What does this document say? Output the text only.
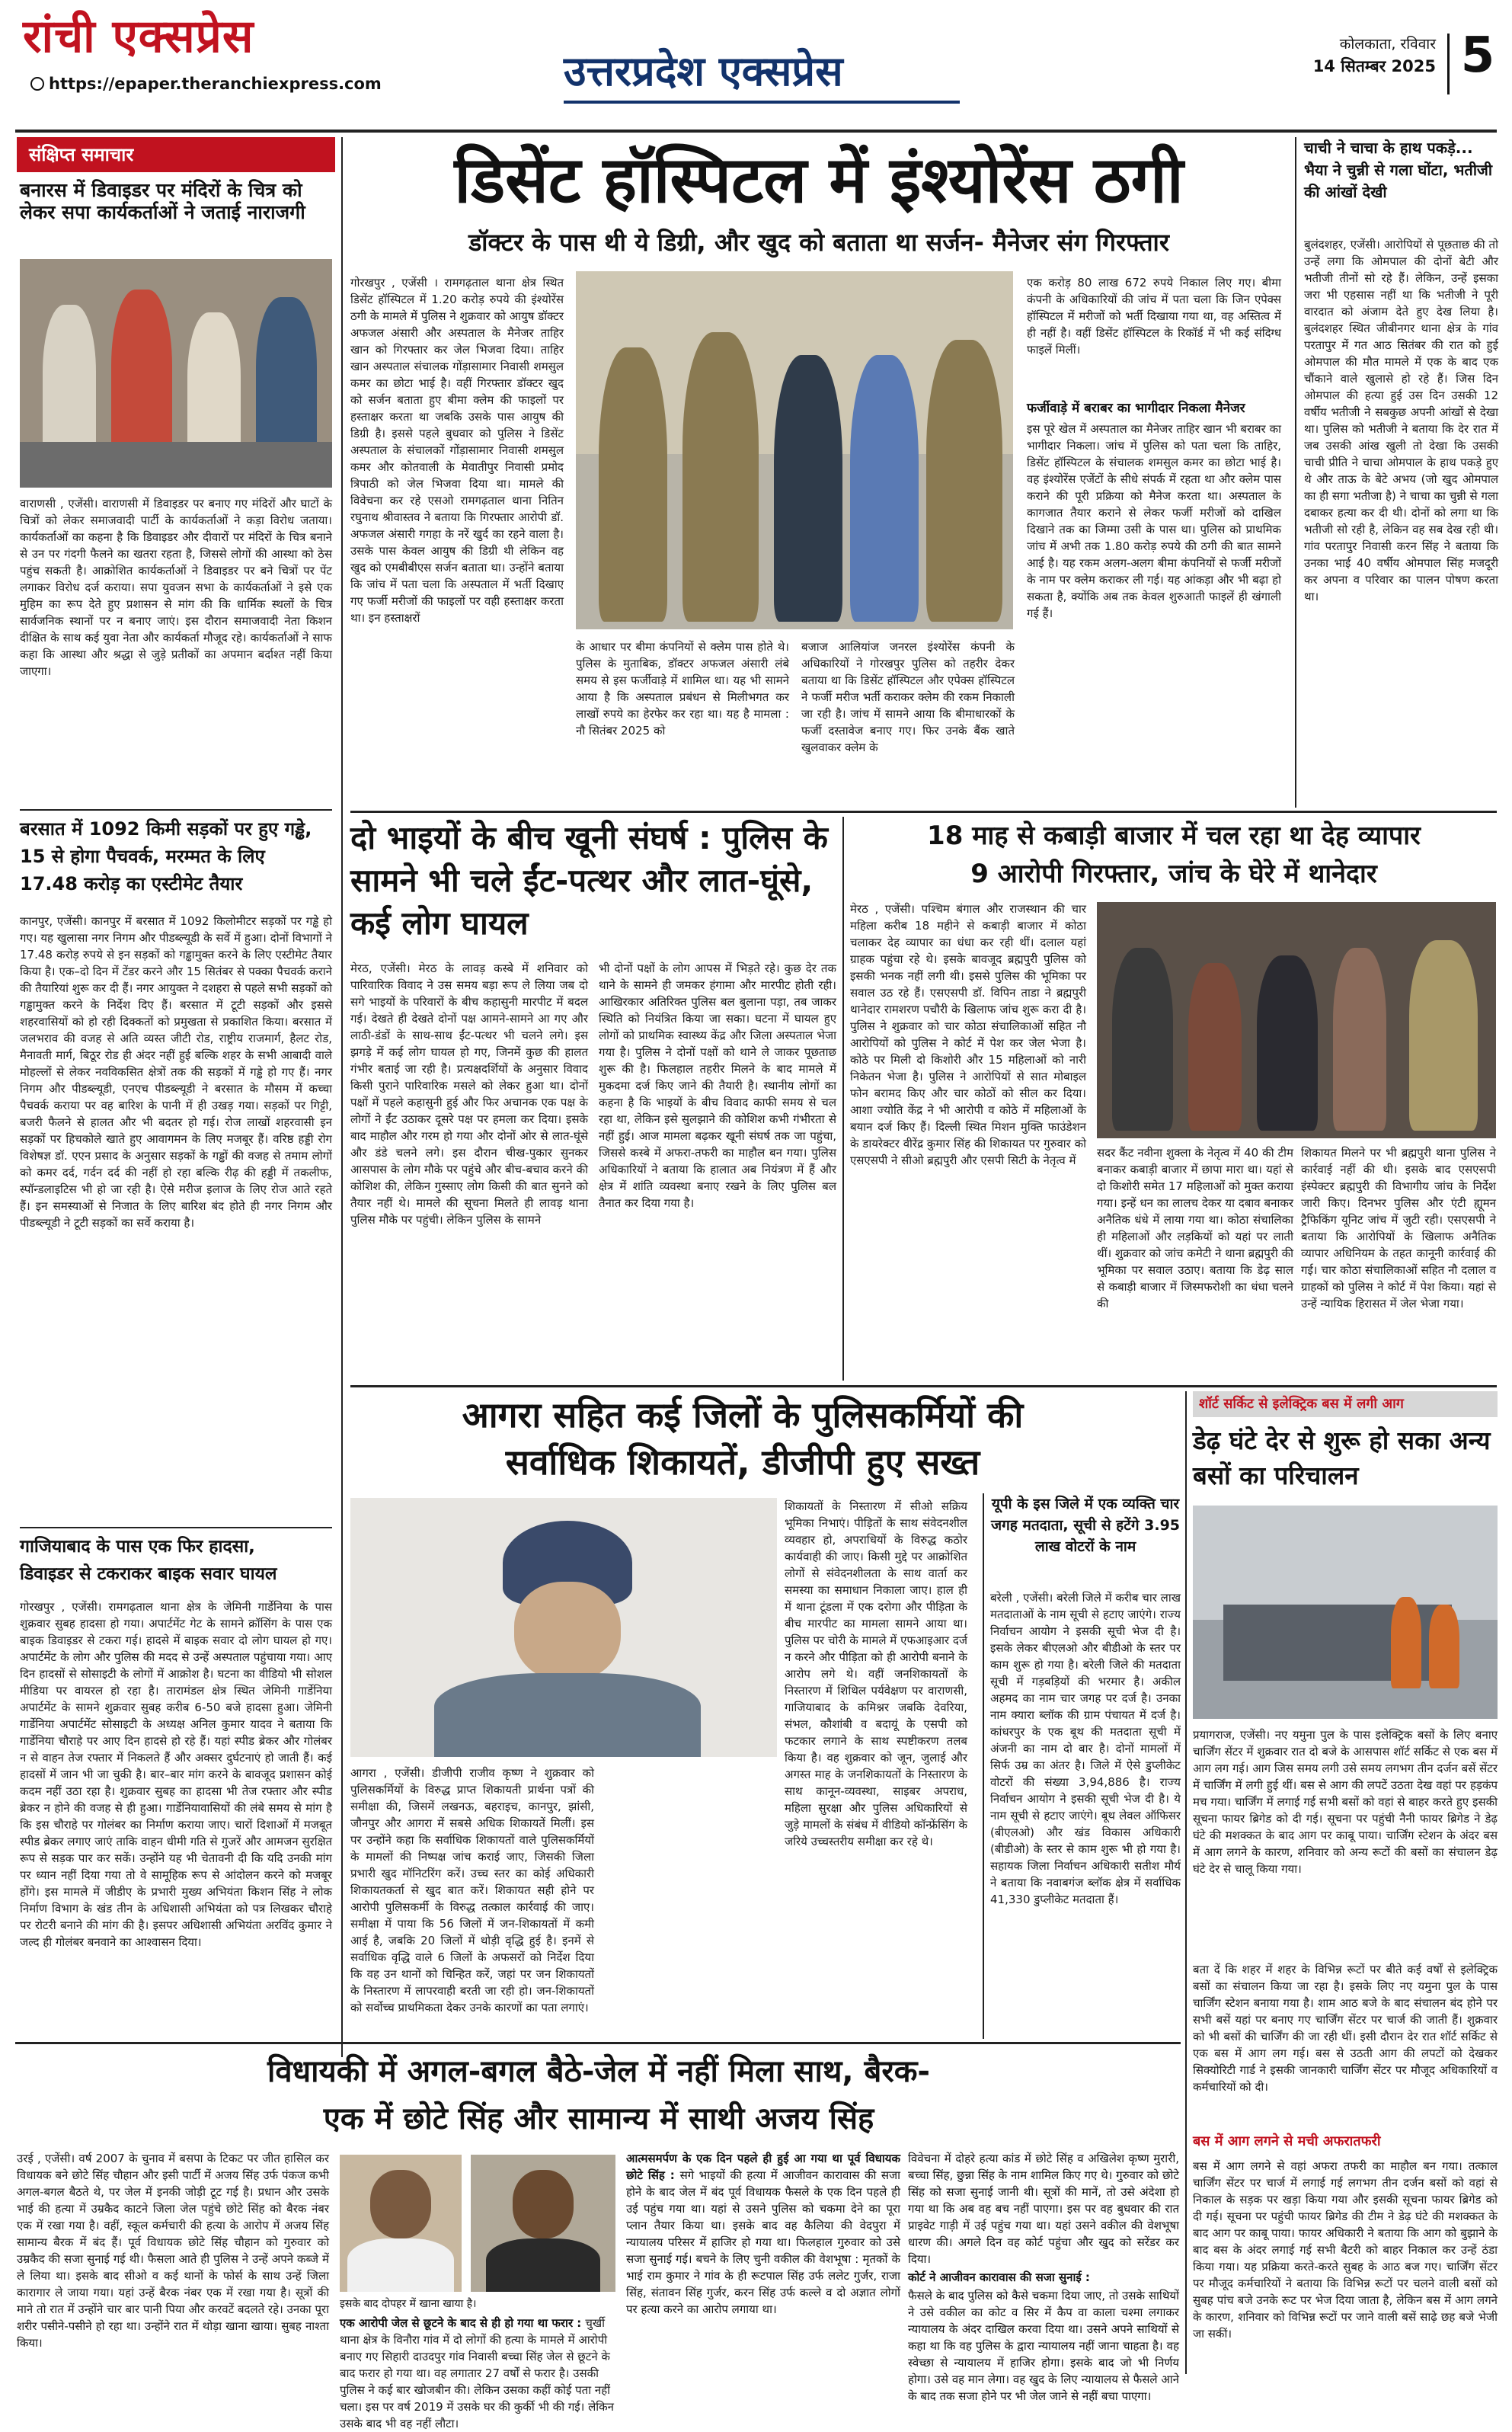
रांची एक्सप्रेस
https://epaper.theranchiexpress.com	उत्तरप्रदेश एक्सप्रेस
कोलकाता, रविवार
14 सितम्बर 2025 5
संक्षिप्त समाचार
बनारस में डिवाइडर पर मंदिरों के चित्र को लेकर सपा कार्यकर्ताओं ने जताई नाराजगी
वाराणसी , एजेंसी। वाराणसी में डिवाइडर पर बनाए गए मंदिरों और घाटों के चित्रों को लेकर समाजवादी पार्टी के कार्यकर्ताओं ने कड़ा विरोध जताया। कार्यकर्ताओं का कहना है कि डिवाइडर और दीवारों पर मंदिरों के चित्र बनाने से उन पर गंदगी फैलने का खतरा रहता है, जिससे लोगों की आस्था को ठेस पहुंच सकती है। आक्रोशित कार्यकर्ताओं ने डिवाइडर पर बने चित्रों पर पेंट लगाकर विरोध दर्ज कराया। सपा युवजन सभा के कार्यकर्ताओं ने इसे एक मुहिम का रूप देते हुए प्रशासन से मांग की कि धार्मिक स्थलों के चित्र सार्वजनिक स्थानों पर न बनाए जाएं। इस दौरान समाजवादी नेता किशन दीक्षित के साथ कई युवा नेता और कार्यकर्ता मौजूद रहे। कार्यकर्ताओं ने साफ कहा कि आस्था और श्रद्धा से जुड़े प्रतीकों का अपमान बर्दाश्त नहीं किया जाएगा।
बरसात में 1092 किमी सड़कों पर हुए गड्ढे,
15 से होगा पैचवर्क, मरम्मत के लिए
17.48 करोड़ का एस्टीमेट तैयार
कानपुर, एजेंसी। कानपुर में बरसात में 1092 किलोमीटर सड़कों पर गड्ढे हो गए। यह खुलासा नगर निगम और पीडब्ल्यूडी के सर्वे में हुआ। दोनों विभागों ने 17.48 करोड़ रुपये से इन सड़कों को गड्ढामुक्त करने के लिए एस्टीमेट तैयार किया है। एक–दो दिन में टेंडर करने और 15 सितंबर से पक्का पैचवर्क कराने की तैयारियां शुरू कर दी हैं। नगर आयुक्त ने दशहरा से पहले सभी सड़कों को गड्ढामुक्त करने के निर्देश दिए हैं। बरसात में टूटी सड़कों और इससे शहरवासियों को हो रही दिक्कतों को प्रमुखता से प्रकाशित किया। बरसात में जलभराव की वजह से अति व्यस्त जीटी रोड, राष्ट्रीय राजमार्ग, हैलट रोड, मैनावती मार्ग, बिठूर रोड ही अंदर नहीं हुई बल्कि शहर के सभी आबादी वाले मोहल्लों से लेकर नवविकसित क्षेत्रों तक की सड़कों में गड्ढे हो गए हैं। नगर निगम और पीडब्ल्यूडी, एनएच पीडब्ल्यूडी ने बरसात के मौसम में कच्चा पैचवर्क कराया पर वह बारिश के पानी में ही उखड़ गया। सड़कों पर गिट्टी, बजरी फैलने से हालत और भी बदतर हो गई। रोज लाखों शहरवासी इन सड़कों पर हिचकोले खाते हुए आवागमन के लिए मजबूर हैं। वरिष्ठ हड्डी रोग विशेषज्ञ डॉ. एएन प्रसाद के अनुसार सड़कों के गड्ढों की वजह से तमाम लोगों को कमर दर्द, गर्दन दर्द की नहीं हो रहा बल्कि रीढ़ की हड्डी में तकलीफ, स्पॉन्डलाइटिस भी हो जा रही है। ऐसे मरीज इलाज के लिए रोज आते रहते हैं। इन समस्याओं से निजात के लिए बारिश बंद होते ही नगर निगम और पीडब्ल्यूडी ने टूटी सड़कों का सर्वे कराया है।
गाजियाबाद के पास एक फिर हादसा,
डिवाइडर से टकराकर बाइक सवार घायल
गोरखपुर , एजेंसी। रामगढ़ताल थाना क्षेत्र के जेमिनी गार्डेनिया के पास शुक्रवार सुबह हादसा हो गया। अपार्टमेंट गेट के सामने क्रॉसिंग के पास एक बाइक डिवाइडर से टकरा गई। हादसे में बाइक सवार दो लोग घायल हो गए। अपार्टमेंट के लोग और पुलिस की मदद से उन्हें अस्पताल पहुंचाया गया। आए दिन हादसों से सोसाइटी के लोगों में आक्रोश है। घटना का वीडियो भी सोशल मीडिया पर वायरल हो रहा है। तारामंडल क्षेत्र स्थित जेमिनी गार्डेनिया अपार्टमेंट के सामने शुक्रवार सुबह करीब 6-50 बजे हादसा हुआ। जेमिनी गार्डेनिया अपार्टमेंट सोसाइटी के अध्यक्ष अनिल कुमार यादव ने बताया कि गार्डेनिया चौराहे पर आए दिन हादसे हो रहे हैं। यहां स्पीड ब्रेकर और गोलंबर न से वाहन तेज रफ्तार में निकलते हैं और अक्सर दुर्घटनाएं हो जाती हैं। कई हादसों में जान भी जा चुकी है। बार–बार मांग करने के बावजूद प्रशासन कोई कदम नहीं उठा रहा है। शुक्रवार सुबह का हादसा भी तेज रफ्तार और स्पीड ब्रेकर न होने की वजह से ही हुआ। गार्डेनियावासियों की लंबे समय से मांग है कि इस चौराहे पर गोलंबर का निर्माण कराया जाए। चारों दिशाओं में मजबूत स्पीड ब्रेकर लगाए जाएं ताकि वाहन धीमी गति से गुजरें और आमजन सुरक्षित रूप से सड़क पार कर सकें। उन्होंने यह भी चेतावनी दी कि यदि उनकी मांग पर ध्यान नहीं दिया गया तो वे सामूहिक रूप से आंदोलन करने को मजबूर होंगे। इस मामले में जीडीए के प्रभारी मुख्य अभियंता किशन सिंह ने लोक निर्माण विभाग के खंड तीन के अधिशासी अभियंता को पत्र लिखकर चौराहे पर रोटरी बनाने की मांग की है। इसपर अधिशासी अभियंता अरविंद कुमार ने जल्द ही गोलंबर बनवाने का आश्वासन दिया।
डिसेंट हॉस्पिटल में इंश्योरेंस ठगी
डॉक्टर के पास थी ये डिग्री, और खुद को बताता था सर्जन- मैनेजर संग गिरफ्तार
गोरखपुर , एजेंसी । रामगढ़ताल थाना क्षेत्र स्थित डिसेंट हॉस्पिटल में 1.20 करोड़ रुपये की इंश्योरेंस ठगी के मामले में पुलिस ने शुक्रवार को आयुष डॉक्टर अफजल अंसारी और अस्पताल के मैनेजर ताहिर खान को गिरफ्तार कर जेल भिजवा दिया। ताहिर खान अस्पताल संचालक गोंड़ासामार निवासी शमसुल कमर का छोटा भाई है। वहीं गिरफ्तार डॉक्टर खुद को सर्जन बताता हुए बीमा क्लेम की फाइलों पर हस्ताक्षर करता था जबकि उसके पास आयुष की डिग्री है। इससे पहले बुधवार को पुलिस ने डिसेंट अस्पताल के संचालकों गोंड़ासामार निवासी शमसुल कमर और कोतवाली के मेवातीपुर निवासी प्रमोद त्रिपाठी को जेल भिजवा दिया था। मामले की विवेचना कर रहे एसओ रामगढ़ताल थाना नितिन रघुनाथ श्रीवास्तव ने बताया कि गिरफ्तार आरोपी डॉ. अफजल अंसारी गगहा के नरें खुर्द का रहने वाला है। उसके पास केवल आयुष की डिग्री थी लेकिन वह खुद को एमबीबीएस सर्जन बताता था। उन्होंने बताया कि जांच में पता चला कि अस्पताल में भर्ती दिखाए गए फर्जी मरीजों की फाइलों पर वही हस्ताक्षर करता था। इन हस्ताक्षरों
के आधार पर बीमा कंपनियों से क्लेम पास होते थे। पुलिस के मुताबिक, डॉक्टर अफजल अंसारी लंबे समय से इस फर्जीवाड़े में शामिल था। यह भी सामने आया है कि अस्पताल प्रबंधन से मिलीभगत कर लाखों रुपये का हेरफेर कर रहा था। यह है मामला : नौ सितंबर 2025 को
बजाज आलियांज जनरल इंश्योरेंस कंपनी के अधिकारियों ने गोरखपुर पुलिस को तहरीर देकर बताया था कि डिसेंट हॉस्पिटल और एपेक्स हॉस्पिटल ने फर्जी मरीज भर्ती कराकर क्लेम की रकम निकाली जा रही है। जांच में सामने आया कि बीमाधारकों के फर्जी दस्तावेज बनाए गए। फिर उनके बैंक खाते खुलवाकर क्लेम के
एक करोड़ 80 लाख 672 रुपये निकाल लिए गए। बीमा कंपनी के अधिकारियों की जांच में पता चला कि जिन एपेक्स हॉस्पिटल में मरीजों को भर्ती दिखाया गया था, वह अस्तित्व में ही नहीं है। वहीं डिसेंट हॉस्पिटल के रिकॉर्ड में भी कई संदिग्ध फाइलें मिलीं।
फर्जीवाड़े में बराबर का भागीदार निकला मैनेजर
इस पूरे खेल में अस्पताल का मैनेजर ताहिर खान भी बराबर का भागीदार निकला। जांच में पुलिस को पता चला कि ताहिर, डिसेंट हॉस्पिटल के संचालक शमसुल कमर का छोटा भाई है। वह इंश्योरेंस एजेंटों के सीधे संपर्क में रहता था और क्लेम पास कराने की पूरी प्रक्रिया को मैनेज करता था। अस्पताल के कागजात तैयार कराने से लेकर फर्जी मरीजों को दाखिल दिखाने तक का जिम्मा उसी के पास था। पुलिस को प्राथमिक जांच में अभी तक 1.80 करोड़ रुपये की ठगी की बात सामने आई है। यह रकम अलग-अलग बीमा कंपनियों से फर्जी मरीजों के नाम पर क्लेम कराकर ली गई। यह आंकड़ा और भी बढ़ा हो सकता है, क्योंकि अब तक केवल शुरुआती फाइलें ही खंगाली गई हैं।
चाची ने चाचा के हाथ पकड़े... भैया ने चुन्नी से गला घोंटा, भतीजी की आंखों देखी
बुलंदशहर, एजेंसी। आरोपियों से पूछताछ की तो उन्हें लगा कि ओमपाल की दोनों बेटी और भतीजी तीनों सो रहे हैं। लेकिन, उन्हें इसका जरा भी एहसास नहीं था कि भतीजी ने पूरी वारदात को अंजाम देते हुए देख लिया है। बुलंदशहर स्थित जीबीनगर थाना क्षेत्र के गांव परतापुर में गत आठ सितंबर की रात को हुई ओमपाल की मौत मामले में एक के बाद एक चौंकाने वाले खुलासे हो रहे हैं। जिस दिन ओमपाल की हत्या हुई उस दिन उसकी 12 वर्षीय भतीजी ने सबकुछ अपनी आंखों से देखा था। पुलिस को भतीजी ने बताया कि देर रात में जब उसकी आंख खुली तो देखा कि उसकी चाची प्रीति ने चाचा ओमपाल के हाथ पकड़े हुए थे और ताऊ के बेटे अभय (जो खुद ओमपाल का ही सगा भतीजा है) ने चाचा का चुन्नी से गला दबाकर हत्या कर दी थी। दोनों को लगा था कि भतीजी सो रही है, लेकिन वह सब देख रही थी। गांव परतापुर निवासी करन सिंह ने बताया कि उनका भाई 40 वर्षीय ओमपाल सिंह मजदूरी कर अपना व परिवार का पालन पोषण करता था।
दो भाइयों के बीच खूनी संघर्ष : पुलिस के सामने भी चले ईंट-पत्थर और लात-घूंसे, कई लोग घायल
मेरठ, एजेंसी। मेरठ के लावड़ कस्बे में शनिवार को पारिवारिक विवाद ने उस समय बड़ा रूप ले लिया जब दो सगे भाइयों के परिवारों के बीच कहासुनी मारपीट में बदल गई। देखते ही देखते दोनों पक्ष आमने-सामने आ गए और लाठी-डंडों के साथ-साथ ईंट-पत्थर भी चलने लगे। इस झगड़े में कई लोग घायल हो गए, जिनमें कुछ की हालत गंभीर बताई जा रही है। प्रत्यक्षदर्शियों के अनुसार विवाद किसी पुराने पारिवारिक मसले को लेकर हुआ था। दोनों पक्षों में पहले कहासुनी हुई और फिर अचानक एक पक्ष के लोगों ने ईंट उठाकर दूसरे पक्ष पर हमला कर दिया। इसके बाद माहौल और गरम हो गया और दोनों ओर से लात-घूंसे और डंडे चलने लगे। इस दौरान चीख-पुकार सुनकर आसपास के लोग मौके पर पहुंचे और बीच-बचाव करने की कोशिश की, लेकिन गुस्साए लोग किसी की बात सुनने को तैयार नहीं थे। मामले की सूचना मिलते ही लावड़ थाना पुलिस मौके पर पहुंची। लेकिन पुलिस के सामने
भी दोनों पक्षों के लोग आपस में भिड़ते रहे। कुछ देर तक थाने के सामने ही जमकर हंगामा और मारपीट होती रही। आखिरकार अतिरिक्त पुलिस बल बुलाना पड़ा, तब जाकर स्थिति को नियंत्रित किया जा सका। घटना में घायल हुए लोगों को प्राथमिक स्वास्थ्य केंद्र और जिला अस्पताल भेजा गया है। पुलिस ने दोनों पक्षों को थाने ले जाकर पूछताछ शुरू की है। फिलहाल तहरीर मिलने के बाद मामले में मुकदमा दर्ज किए जाने की तैयारी है। स्थानीय लोगों का कहना है कि भाइयों के बीच विवाद काफी समय से चल रहा था, लेकिन इसे सुलझाने की कोशिश कभी गंभीरता से नहीं हुई। आज मामला बढ़कर खूनी संघर्ष तक जा पहुंचा, जिससे कस्बे में अफरा-तफरी का माहौल बन गया। पुलिस अधिकारियों ने बताया कि हालात अब नियंत्रण में हैं और क्षेत्र में शांति व्यवस्था बनाए रखने के लिए पुलिस बल तैनात कर दिया गया है।
18 माह से कबाड़ी बाजार में चल रहा था देह व्यापार
9 आरोपी गिरफ्तार, जांच के घेरे में थानेदार
मेरठ , एजेंसी। पश्चिम बंगाल और राजस्थान की चार महिला करीब 18 महीने से कबाड़ी बाजार में कोठा चलाकर देह व्यापार का धंधा कर रही थीं। दलाल यहां ग्राहक पहुंचा रहे थे। इसके बावजूद ब्रह्मपुरी पुलिस को इसकी भनक नहीं लगी थी। इससे पुलिस की भूमिका पर सवाल उठ रहे हैं। एसएसपी डॉ. विपिन ताडा ने ब्रह्मपुरी थानेदार रामशरण पचौरी के खिलाफ जांच शुरू करा दी है। पुलिस ने शुक्रवार को चार कोठा संचालिकाओं सहित नौ आरोपियों को पुलिस ने कोर्ट में पेश कर जेल भेजा है। कोठे पर मिली दो किशोरी और 15 महिलाओं को नारी निकेतन भेजा है। पुलिस ने आरोपियों से सात मोबाइल फोन बरामद किए और चार कोठों को सील कर दिया। आशा ज्योति केंद्र ने भी आरोपी व कोठे में महिलाओं के बयान दर्ज किए हैं। दिल्ली स्थित मिशन मुक्ति फाउंडेशन के डायरेक्टर वीरेंद्र कुमार सिंह की शिकायत पर गुरुवार को एसएसपी ने सीओ ब्रह्मपुरी और एसपी सिटी के नेतृत्व में
सदर कैंट नवीना शुक्ला के नेतृत्व में 40 की टीम बनाकर कबाड़ी बाजार में छापा मारा था। यहां से दो किशोरी समेत 17 महिलाओं को मुक्त कराया गया। इन्हें धन का लालच देकर या दबाव बनाकर अनैतिक धंधे में लाया गया था। कोठा संचालिका ही महिलाओं और लड़कियों को यहां पर लाती थीं। शुक्रवार को जांच कमेटी ने थाना ब्रह्मपुरी की भूमिका पर सवाल उठाए। बताया कि डेढ़ साल से कबाड़ी बाजार में जिस्मफरोशी का धंधा चलने की
शिकायत मिलने पर भी ब्रह्मपुरी थाना पुलिस ने कार्रवाई नहीं की थी। इसके बाद एसएसपी इंस्पेक्टर ब्रह्मपुरी की विभागीय जांच के निर्देश जारी किए। दिनभर पुलिस और एंटी ह्यूमन ट्रैफिकिंग यूनिट जांच में जुटी रही। एसएसपी ने बताया कि आरोपियों के खिलाफ अनैतिक व्यापार अधिनियम के तहत कानूनी कार्रवाई की गई। चार कोठा संचालिकाओं सहित नौ दलाल व ग्राहकों को पुलिस ने कोर्ट में पेश किया। यहां से उन्हें न्यायिक हिरासत में जेल भेजा गया।
आगरा सहित कई जिलों के पुलिसकर्मियों की
सर्वाधिक शिकायतें, डीजीपी हुए सख्त
आगरा , एजेंसी। डीजीपी राजीव कृष्ण ने शुक्रवार को पुलिसकर्मियों के विरुद्ध प्राप्त शिकायती प्रार्थना पत्रों की समीक्षा की, जिसमें लखनऊ, बहराइच, कानपुर, झांसी, जौनपुर और आगरा में सबसे अधिक शिकायतें मिलीं। इस पर उन्होंने कहा कि सर्वाधिक शिकायतों वाले पुलिसकर्मियों के मामलों की निष्पक्ष जांच कराई जाए, जिसकी जिला प्रभारी खुद मॉनिटरिंग करें। उच्च स्तर का कोई अधिकारी शिकायतकर्ता से खुद बात करें। शिकायत सही होने पर आरोपी पुलिसकर्मी के विरुद्ध तत्काल कार्रवाई की जाए। समीक्षा में पाया कि 56 जिलों में जन-शिकायतों में कमी आई है, जबकि 20 जिलों में थोड़ी वृद्धि हुई है। इनमें से सर्वाधिक वृद्धि वाले 6 जिलों के अफसरों को निर्देश दिया कि वह उन थानों को चिन्हित करें, जहां पर जन शिकायतों के निस्तारण में लापरवाही बरती जा रही हो। जन-शिकायतों को सर्वोच्च प्राथमिकता देकर उनके कारणों का पता लगाएं।
शिकायतों के निस्तारण में सीओ सक्रिय भूमिका निभाएं। पीड़ितों के साथ संवेदनशील व्यवहार हो, अपराधियों के विरुद्ध कठोर कार्यवाही की जाए। किसी मुद्दे पर आक्रोशित लोगों से संवेदनशीलता के साथ वार्ता कर समस्या का समाधान निकाला जाए। हाल ही में थाना टूंडला में एक दरोगा और पीड़िता के बीच मारपीट का मामला सामने आया था। पुलिस पर चोरी के मामले में एफआइआर दर्ज न करने और पीड़िता को ही आरोपी बनाने के आरोप लगे थे। वहीं जनशिकायतों के निस्तारण में शिथिल पर्यवेक्षण पर वाराणसी, गाजियाबाद के कमिश्नर जबकि देवरिया, संभल, कौशांबी व बदायूं के एसपी को फटकार लगाने के साथ स्पष्टीकरण तलब किया है। वह शुक्रवार को जून, जुलाई और अगस्त माह के जनशिकायतों के निस्तारण के साथ कानून-व्यवस्था, साइबर अपराध, महिला सुरक्षा और पुलिस अधिकारियों से जुड़े मामलों के संबंध में वीडियो कॉन्फ्रेंसिंग के जरिये उच्चस्तरीय समीक्षा कर रहे थे।
यूपी के इस जिले में एक व्यक्ति चार जगह मतदाता, सूची से हटेंगे 3.95 लाख वोटरों के नाम
बरेली , एजेंसी। बरेली जिले में करीब चार लाख मतदाताओं के नाम सूची से हटाए जाएंगे। राज्य निर्वाचन आयोग ने इसकी सूची भेज दी है। इसके लेकर बीएलओ और बीडीओ के स्तर पर काम शुरू हो गया है। बरेली जिले की मतदाता सूची में गड़बड़ियों की भरमार है। अकील अहमद का नाम चार जगह पर दर्ज है। उनका नाम क्यारा ब्लॉक की ग्राम पंचायत में दर्ज है। कांधरपुर के एक बूथ की मतदाता सूची में अंजनी का नाम दो बार है। दोनों मामलों में सिर्फ उम्र का अंतर है। जिले में ऐसे डुप्लीकेट वोटरों की संख्या 3,94,886 है। राज्य निर्वाचन आयोग ने इसकी सूची भेज दी है। ये नाम सूची से हटाए जाएंगे। बूथ लेवल ऑफिसर (बीएलओ) और खंड विकास अधिकारी (बीडीओ) के स्तर से काम शुरू भी हो गया है। सहायक जिला निर्वाचन अधिकारी सतीश मौर्य ने बताया कि नवाबगंज ब्लॉक क्षेत्र में सर्वाधिक 41,330 डुप्लीकेट मतदाता हैं।
शॉर्ट सर्किट से इलेक्ट्रिक बस में लगी आग
डेढ़ घंटे देर से शुरू हो सका अन्य बसों का परिचालन
प्रयागराज, एजेंसी। नए यमुना पुल के पास इलेक्ट्रिक बसों के लिए बनाए चार्जिंग सेंटर में शुक्रवार रात दो बजे के आसपास शॉर्ट सर्किट से एक बस में आग लग गई। आग जिस समय लगी उसे समय लगभग तीन दर्जन बसें सेंटर में चार्जिंग में लगी हुई थीं। बस से आग की लपटें उठता देख वहां पर हड़कंप मच गया। चार्जिंग में लगाई गई सभी बसों को वहां से बाहर करते हुए इसकी सूचना फायर ब्रिगेड को दी गई। सूचना पर पहुंची नैनी फायर ब्रिगेड ने डेढ़ घंटे की मशक्कत के बाद आग पर काबू पाया। चार्जिंग स्टेशन के अंदर बस में आग लगने के कारण, शनिवार को अन्य रूटों की बसों का संचालन डेढ़ घंटे देर से चालू किया गया।
बता दें कि शहर में शहर के विभिन्न रूटों पर बीते कई वर्षों से इलेक्ट्रिक बसों का संचालन किया जा रहा है। इसके लिए नए यमुना पुल के पास चार्जिंग स्टेशन बनाया गया है। शाम आठ बजे के बाद संचालन बंद होने पर सभी बसें यहां पर बनाए गए चार्जिंग सेंटर पर चार्ज की जाती हैं। शुक्रवार को भी बसों की चार्जिंग की जा रही थीं। इसी दौरान देर रात शॉर्ट सर्किट से एक बस में आग लग गई। बस से उठती आग की लपटों को देखकर सिक्योरिटी गार्ड ने इसकी जानकारी चार्जिंग सेंटर पर मौजूद अधिकारियों व कर्मचारियों को दी।
बस में आग लगने से मची अफरातफरी
बस में आग लगने से वहां अफरा तफरी का माहौल बन गया। तत्काल चार्जिंग सेंटर पर चार्ज में लगाई गई लगभग तीन दर्जन बसों को वहां से निकाल के सड़क पर खड़ा किया गया और इसकी सूचना फायर ब्रिगेड को दी गई। सूचना पर पहुंची फायर ब्रिगेड की टीम ने डेढ़ घंटे की मशक्कत के बाद आग पर काबू पाया। फायर अधिकारी ने बताया कि आग को बुझाने के बाद बस के अंदर लगाई गई सभी बैटरी को बाहर निकाल कर उन्हें ठंडा किया गया। यह प्रक्रिया करते-करते सुबह के आठ बज गए। चार्जिंग सेंटर पर मौजूद कर्मचारियों ने बताया कि विभिन्न रूटों पर चलने वाली बसों को सुबह पांच बजे उनके रूट पर भेज दिया जाता है, लेकिन बस में आग लगने के कारण, शनिवार को विभिन्न रूटों पर जाने वाली बसें साढ़े छह बजे भेजी जा सकीं।
विधायकी में अगल-बगल बैठे-जेल में नहीं मिला साथ, बैरक-
एक में छोटे सिंह और सामान्य में साथी अजय सिंह
उरई , एजेंसी। वर्ष 2007 के चुनाव में बसपा के टिकट पर जीत हासिल कर विधायक बने छोटे सिंह चौहान और इसी पार्टी में अजय सिंह उर्फ पंकज कभी अगल-बगल बैठते थे, पर जेल में इनकी जोड़ी टूट गई है। प्रधान और उसके भाई की हत्या में उम्रकैद काटने जिला जेल पहुंचे छोटे सिंह को बैरक नंबर एक में रखा गया है। वहीं, स्कूल कर्मचारी की हत्या के आरोप में अजय सिंह सामान्य बैरक में बंद हैं। पूर्व विधायक छोटे सिंह चौहान को गुरुवार को उम्रकैद की सजा सुनाई गई थी। फैसला आते ही पुलिस ने उन्हें अपने कब्जे में ले लिया था। इसके बाद सीओ व कई थानों के फोर्स के साथ उन्हें जिला कारागार ले जाया गया। यहां उन्हें बैरक नंबर एक में रखा गया है। सूत्रों की माने तो रात में उन्होंने चार बार पानी पिया और करवटें बदलते रहे। उनका पूरा शरीर पसीने-पसीने हो रहा था। उन्होंने रात में थोड़ा खाना खाया। सुबह नाश्ता किया।
इसके बाद दोपहर में खाना खाया है।
एक आरोपी जेल से छूटने के बाद से ही हो गया था फरार : चुर्खी थाना क्षेत्र के विनौरा गांव में दो लोगों की हत्या के मामले में आरोपी बनाए गए सिहारी दाउदपुर गांव निवासी बच्चा सिंह जेल से छूटने के बाद फरार हो गया था। वह लगातार 27 वर्षों से फरार है। उसकी पुलिस ने कई बार खोजबीन की। लेकिन उसका कहीं कोई पता नहीं चला। इस पर वर्ष 2019 में उसके घर की कुर्की भी की गई। लेकिन उसके बाद भी वह नहीं लौटा।
आत्मसमर्पण के एक दिन पहले ही हुई आ गया था पूर्व विधायक छोटे सिंह : सगे भाइयों की हत्या में आजीवन कारावास की सजा होने के बाद जेल में बंद पूर्व विधायक फैसले के एक दिन पहले ही उई पहुंच गया था। यहां से उसने पुलिस को चकमा देने का पूरा प्लान तैयार किया था। इसके बाद वह कैलिया की वेदपुरा में न्यायालय परिसर में हाजिर हो गया था। फिलहाल गुरुवार को उसे सजा सुनाई गई। बचने के लिए चुनी वकील की वेशभूषा : मृतकों के भाई राम कुमार ने गांव के ही रूटपाल सिंह उर्फ ललेट गुर्जर, राजा सिंह, संतावन सिंह गुर्जर, करन सिंह उर्फ कल्ले व दो अज्ञात लोगों पर हत्या करने का आरोप लगाया था।
विवेचना में दोहरे हत्या कांड में छोटे सिंह व अखिलेश कृष्ण मुरारी, बच्चा सिंह, छुन्ना सिंह के नाम शामिल किए गए थे। गुरुवार को छोटे सिंह को सजा सुनाई जानी थी। सूत्रों की मानें, तो उसे अंदेशा हो गया था कि अब वह बच नहीं पाएगा। इस पर वह बुधवार की रात प्राइवेट गाड़ी में उई पहुंच गया था। यहां उसने वकील की वेशभूषा धारण की। अगले दिन वह कोर्ट पहुंचा और खुद को सरेंडर कर दिया।
कोर्ट ने आजीवन कारावास की सजा सुनाई :
फैसले के बाद पुलिस को कैसे चकमा दिया जाए, तो उसके साथियों ने उसे वकील का कोट व सिर में कैप वा काला चश्मा लगाकर न्यायालय के अंदर दाखिल करवा दिया था। उसने अपने साथियों से कहा था कि वह पुलिस के द्वारा न्यायालय नहीं जाना चाहता है। वह स्वेच्छा से न्यायालय में हाजिर होगा। इसके बाद जो भी निर्णय होगा। उसे वह मान लेगा। वह खुद के लिए न्यायालय से फैसले आने के बाद तक सजा होने पर भी जेल जाने से नहीं बचा पाएगा।
